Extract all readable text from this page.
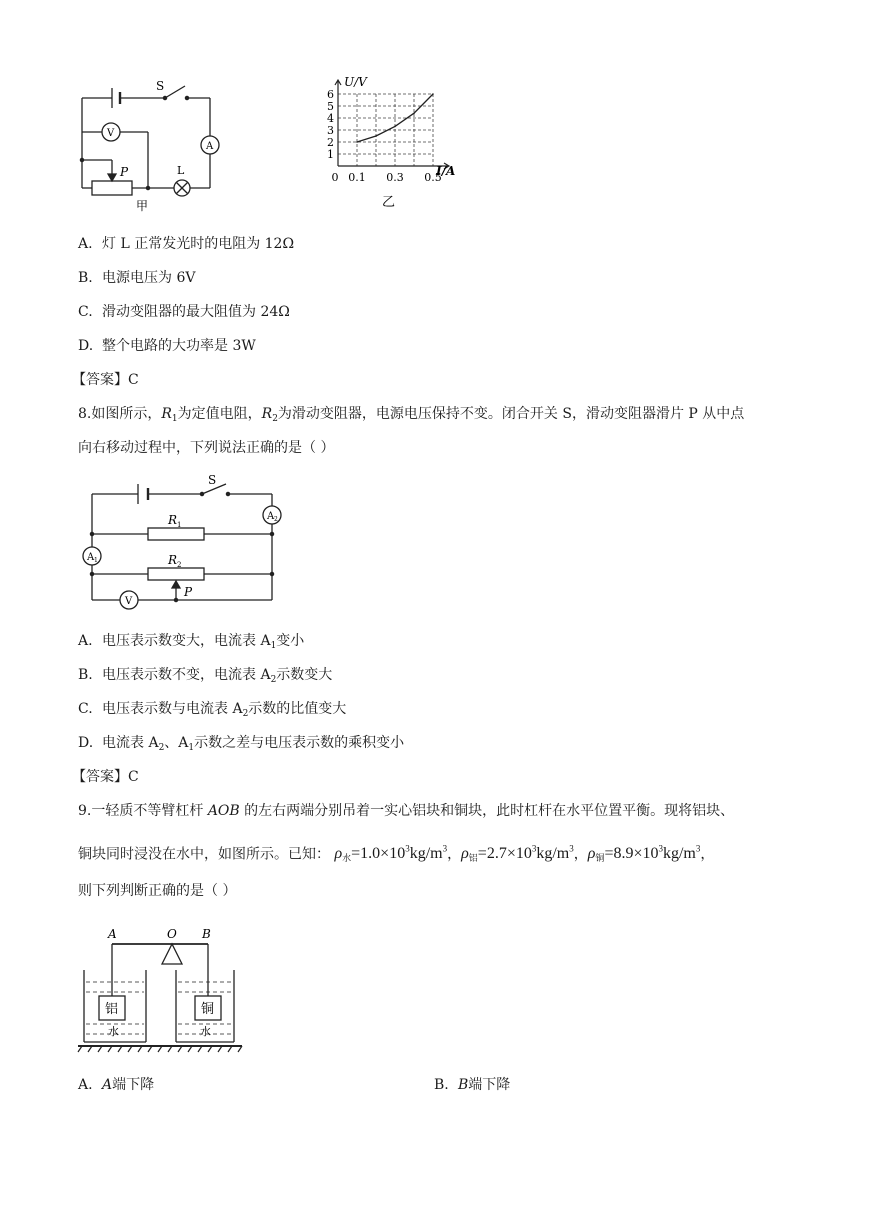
S
V
A
L
P
甲
6
5
4
3
2
1
0 0.1 0.3 0.5
U/V
I/A
乙
A. 灯 L 正常发光时的电阻为 12Ω
B. 电源电压为 6V
C. 滑动变阻器的最大阻值为 24Ω
D. 整个电路的大功率是 3W
【答案】C
8.如图所示，$R_1$为定值电阻，$R_2$为滑动变阻器，电源电压保持不变。闭合开关 S，滑动变阻器滑片 P 从中点
向右移动过程中，下列说法正确的是（ ）
S
A 2
A 1
R 1
R 2
V
P
A. 电压表示数变大，电流表 $A_1$变小
B. 电压表示数不变，电流表 $A_2$示数变大
C. 电压表示数与电流表 $A_2$示数的比值变大
D. 电流表 $A_2$、$A_1$示数之差与电压表示数的乘积变小
【答案】C
9.一轻质不等臂杠杆 AOB 的左右两端分别吊着一实心铝块和铜块，此时杠杆在水平位置平衡。现将铝块、
铜块同时浸没在水中，如图所示。已知： $\rho_水=1.0\times 10^3kg/m^3$，$\rho_铝=2.7\times 10^3kg/m^3$，$\rho_铜=8.9\times 10^3kg/m^3$，
则下列判断正确的是（ ）
A	O B
铝	铜
水	水
A. A端下降	B. B端下降
